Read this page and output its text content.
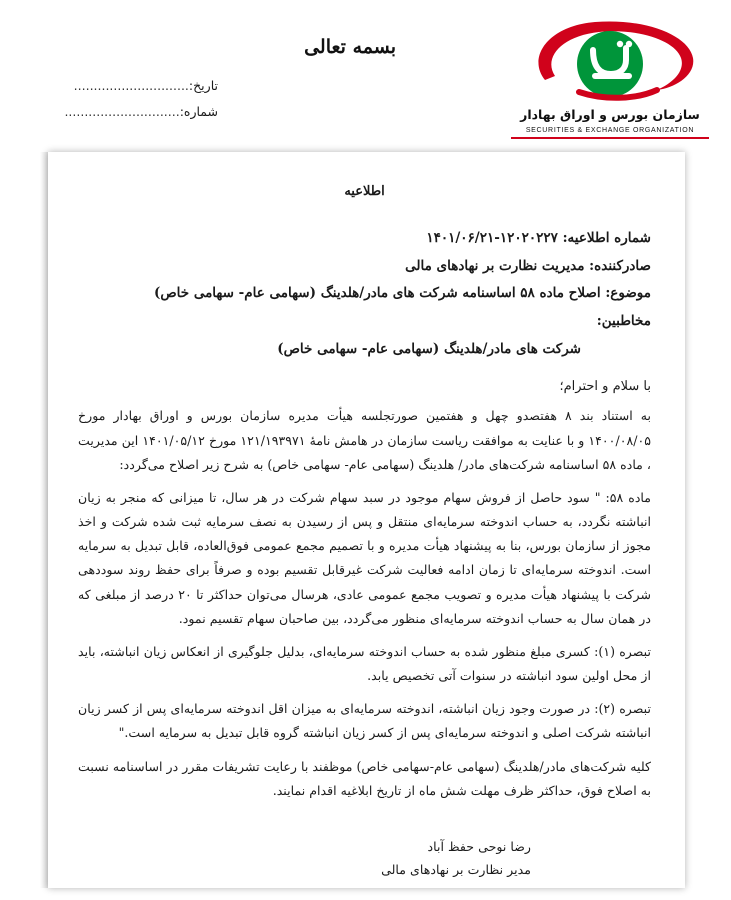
بسمه تعالی
تاریخ:.............................
شماره:.............................	سازمان بورس و اوراق بهادار
SECURITIES & EXCHANGE ORGANIZATION
اطلاعیه
شماره اطلاعیه: ۱۲۰۲۰۲۲۷-۱۴۰۱/۰۶/۲۱
صادرکننده: مدیریت نظارت بر نهادهای مالی
موضوع: اصلاح ماده ۵۸ اساسنامه شرکت های مادر/هلدینگ (سهامی عام- سهامی خاص)
مخاطبین:
شرکت های مادر/هلدینگ (سهامی عام- سهامی خاص)
با سلام و احترام؛

به استناد بند ۸ هفتصدو چهل و هفتمین صورتجلسه هیأت مدیره سازمان بورس و اوراق بهادار مورخ ۱۴۰۰/۰۸/۰۵ و با عنایت به موافقت ریاست سازمان در هامش نامهٔ ۱۲۱/۱۹۳۹۷۱ مورخ ۱۴۰۱/۰۵/۱۲ این مدیریت ، ماده ۵۸ اساسنامه شرکت‌های مادر/ هلدینگ (سهامی عام- سهامی خاص) به شرح زیر اصلاح می‌گردد:

ماده ۵۸: " سود حاصل از فروش سهام موجود در سبد سهام شرکت در هر سال، تا میزانی که منجر به زیان انباشته نگردد، به حساب اندوخته سرمایه‌ای منتقل و پس از رسیدن به نصف سرمایه ثبت شده شرکت و اخذ مجوز از سازمان بورس، بنا به پیشنهاد هیأت مدیره و با تصمیم مجمع عمومی فوق‌العاده، قابل تبدیل به سرمایه است. اندوخته سرمایه‌ای تا زمان ادامه فعالیت شرکت غیرقابل تقسیم بوده و صرفاً برای حفظ روند سوددهی شرکت با پیشنهاد هیأت مدیره و تصویب مجمع عمومی عادی، هرسال می‌توان حداکثر تا ۲۰ درصد از مبلغی که در همان سال به حساب اندوخته سرمایه‌ای منظور می‌گردد، بین صاحبان سهام تقسیم نمود.

تبصره (۱): کسری مبلغ منظور شده به حساب اندوخته سرمایه‌ای، بدلیل جلوگیری از انعکاس زیان انباشته، باید از محل اولین سود انباشته در سنوات آتی تخصیص یابد.

تبصره (۲): در صورت وجود زیان انباشته، اندوخته سرمایه‌ای به میزان اقل اندوخته سرمایه‌ای پس از کسر زیان انباشته شرکت اصلی و اندوخته سرمایه‌ای پس از کسر زیان انباشته گروه قابل تبدیل به سرمایه است."

کلیه شرکت‌های مادر/هلدینگ (سهامی عام-سهامی خاص) موظفند با رعایت تشریفات مقرر در اساسنامه نسبت به اصلاح فوق، حداکثر ظرف مهلت شش ماه از تاریخ ابلاغیه اقدام نمایند.

رضا نوحی حفظ آباد
مدیر نظارت بر نهادهای مالی
